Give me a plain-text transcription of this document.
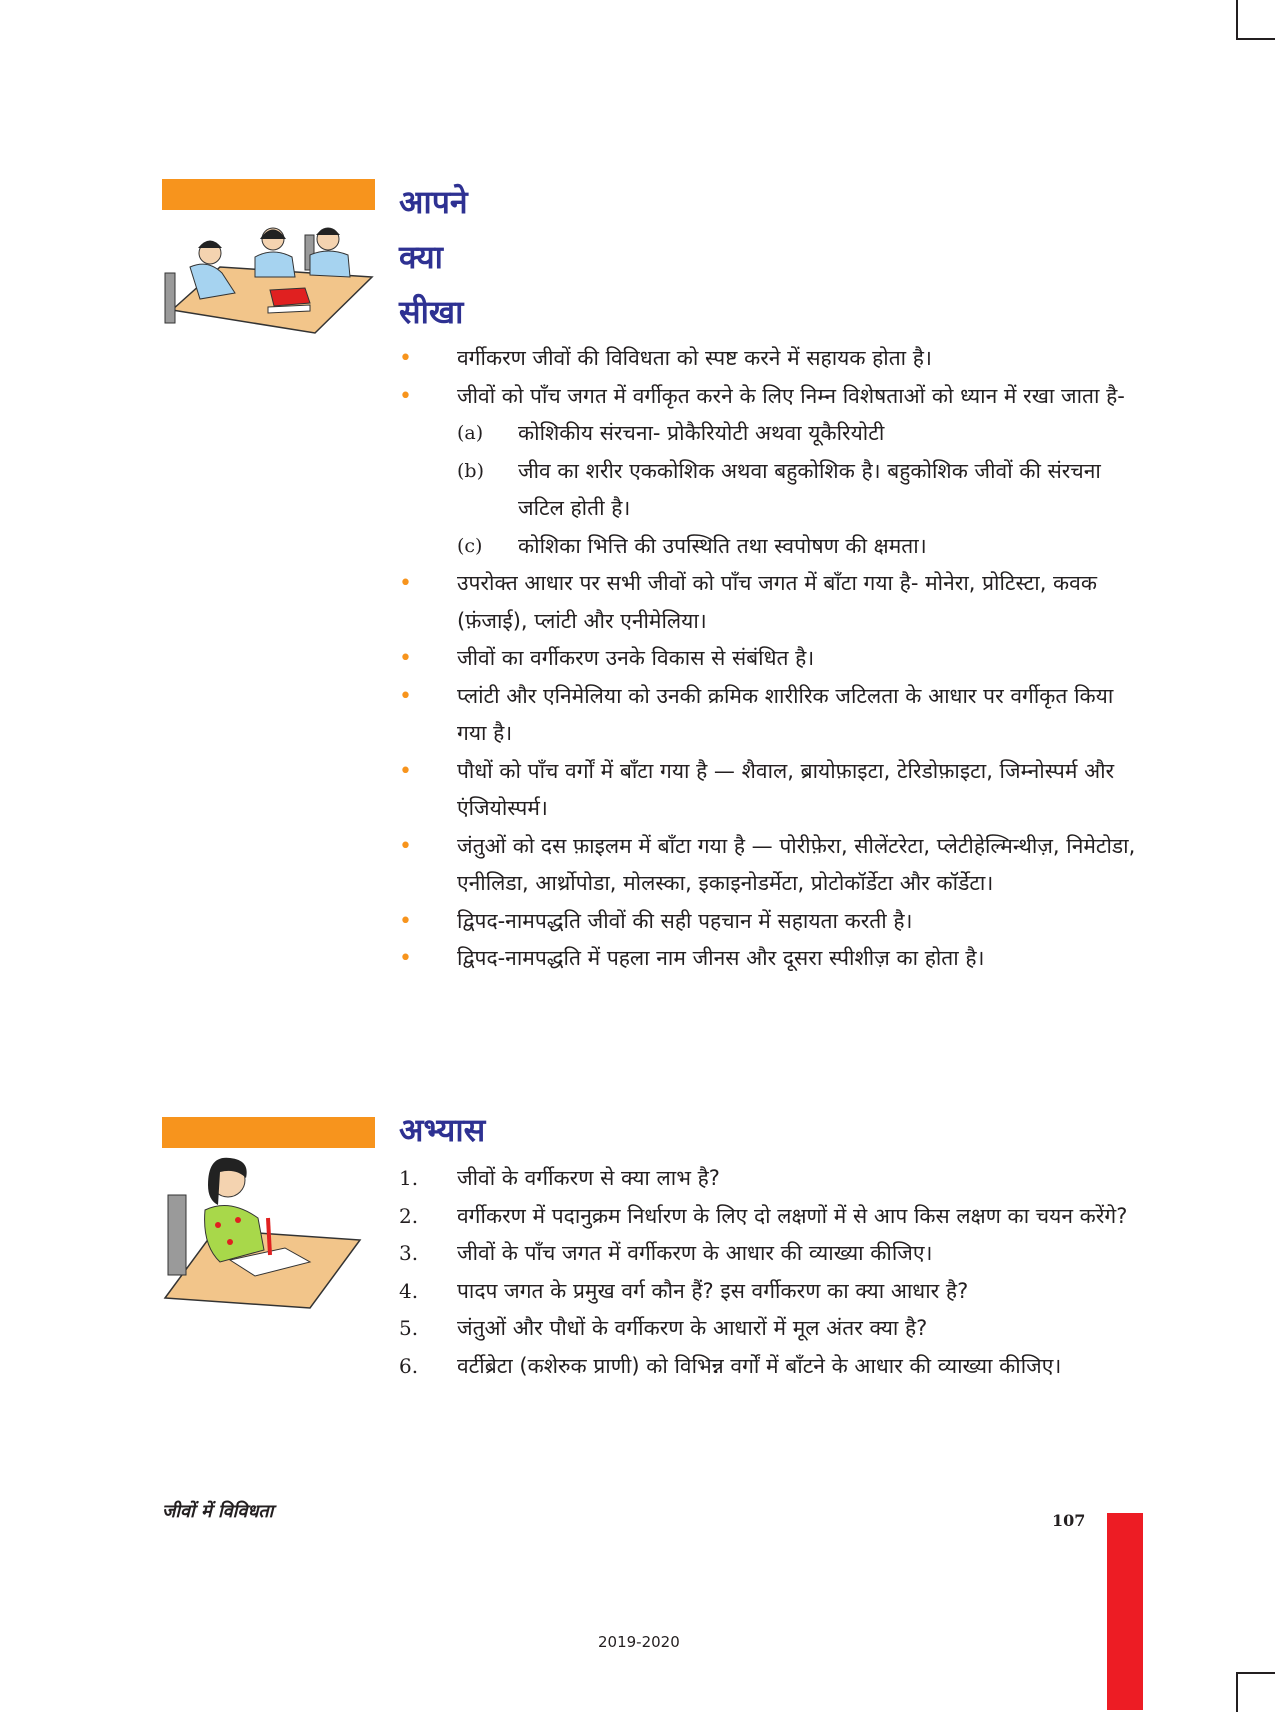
आपने
क्या
सीखा
• वर्गीकरण जीवों की विविधता को स्पष्ट करने में सहायक होता है।
• जीवों को पाँच जगत में वर्गीकृत करने के लिए निम्न विशेषताओं को ध्यान में रखा जाता है-
(a) कोशिकीय संरचना- प्रोकैरियोटी अथवा यूकैरियोटी
(b) जीव का शरीर एककोशिक अथवा बहुकोशिक है। बहुकोशिक जीवों की संरचना जटिल होती है।
(c) कोशिका भित्ति की उपस्थिति तथा स्वपोषण की क्षमता।
• उपरोक्त आधार पर सभी जीवों को पाँच जगत में बाँटा गया है- मोनेरा, प्रोटिस्टा, कवक (फ़ंजाई), प्लांटी और एनीमेलिया।
• जीवों का वर्गीकरण उनके विकास से संबंधित है।
• प्लांटी और एनिमेलिया को उनकी क्रमिक शारीरिक जटिलता के आधार पर वर्गीकृत किया गया है।
• पौधों को पाँच वर्गों में बाँटा गया है — शैवाल, ब्रायोफ़ाइटा, टेरिडोफ़ाइटा, जिम्नोस्पर्म और एंजियोस्पर्म।
• जंतुओं को दस फ़ाइलम में बाँटा गया है — पोरीफ़ेरा, सीलेंटरेटा, प्लेटीहेल्मिन्थीज़, निमेटोडा, एनीलिडा, आर्थ्रोपोडा, मोलस्का, इकाइनोडर्मेटा, प्रोटोकॉर्डेटा और कॉर्डेटा।
• द्विपद-नामपद्धति जीवों की सही पहचान में सहायता करती है।
• द्विपद-नामपद्धति में पहला नाम जीनस और दूसरा स्पीशीज़ का होता है।
अभ्यास
1. जीवों के वर्गीकरण से क्या लाभ है?
2. वर्गीकरण में पदानुक्रम निर्धारण के लिए दो लक्षणों में से आप किस लक्षण का चयन करेंगे?
3. जीवों के पाँच जगत में वर्गीकरण के आधार की व्याख्या कीजिए।
4. पादप जगत के प्रमुख वर्ग कौन हैं? इस वर्गीकरण का क्या आधार है?
5. जंतुओं और पौधों के वर्गीकरण के आधारों में मूल अंतर क्या है?
6. वर्टीब्रेटा (कशेरुक प्राणी) को विभिन्न वर्गों में बाँटने के आधार की व्याख्या कीजिए।
जीवों में विविधता	107
2019-2020
